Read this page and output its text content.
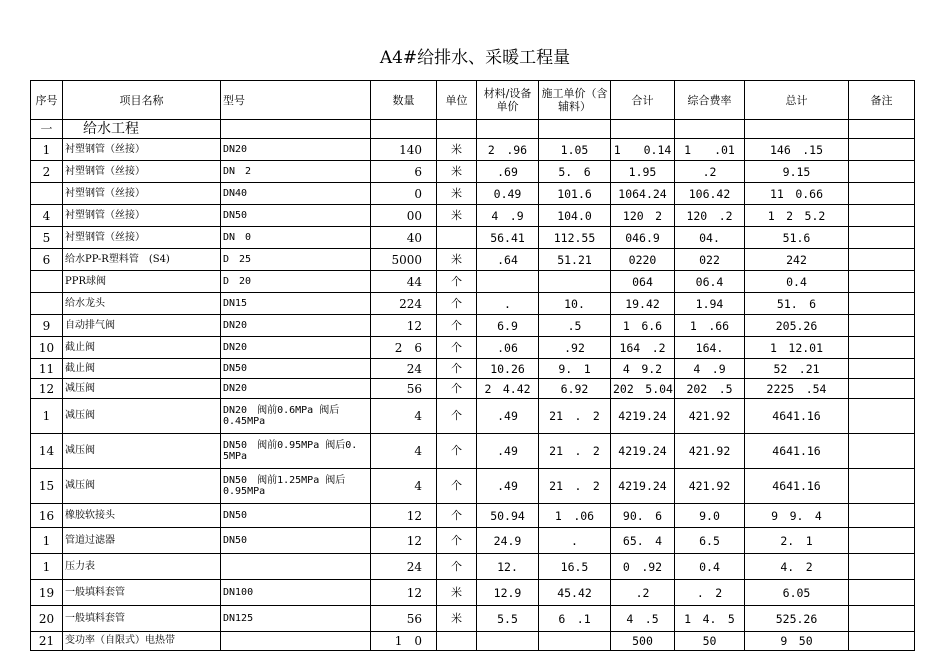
A4#给排水、采暖工程量
序号	项目名称	型号	数量	单位	材料/设备单价	施工单价（含辅料）	合计	综合费率	总计	备注
一	给水工程									
1	衬塑钢管（丝接）	DN20	140	米	2　.96	1.05	1　　0.14	1　　.01	146　.15	
2	衬塑钢管（丝接）	DN　2	6	米	.69	5.　6	1.95	.2	9.15	
	衬塑钢管（丝接）	DN40	0	米	0.49	101.6	1064.24	106.42	11　0.66	
4	衬塑钢管（丝接）	DN50	00	米	4　.9	104.0	120　2	120　.2	1　2　5.2	
5	衬塑钢管（丝接）	DN　0	40		56.41	112.55	046.9	04.	51.6	
6	给水PP-R塑料管　(S4)	D　25	5000	米	.64	51.21	0220	022	242	
	PPR球阀	D　20	44	个			064	06.4	0.4	
	给水龙头	DN15	224	个	.	10.	19.42	1.94	51.　6	
9	自动排气阀	DN20	12	个	6.9	.5	1　6.6	1　.66	205.26	
10	截止阀	DN20	2　6	个	.06	.92	164　.2	164.	1　12.01	
11	截止阀	DN50	24	个	10.26	9.　1	4　9.2	4　.9	52　.21	
12	减压阀	DN20	56	个	2　4.42	6.92	202　5.04	202　.5	2225　.54	
1	减压阀	DN20　阀前0.6MPa 阀后0.45MPa	4	个	.49	21　.　2	4219.24	421.92	4641.16	
14	减压阀	DN50　阀前0.95MPa 阀后0.　5MPa	4	个	.49	21　.　2	4219.24	421.92	4641.16	
15	减压阀	DN50　阀前1.25MPa 阀后0.95MPa	4	个	.49	21　.　2	4219.24	421.92	4641.16	
16	橡胶软接头	DN50	12	个	50.94	1　.06	90.　6	9.0	9　9.　4	
1	管道过滤器	DN50	12	个	24.9	.	65.　4	6.5	2.　1	
1	压力表		24	个	12.	16.5	0　.92	0.4	4.　2	
19	一般填料套管	DN100	12	米	12.9	45.42	.2	.　2	6.05	
20	一般填料套管	DN125	56	米	5.5	6　.1	4　.5	1　4.　5	525.26	
21	变功率（自限式）电热带		1　0				500	50	9　50	
